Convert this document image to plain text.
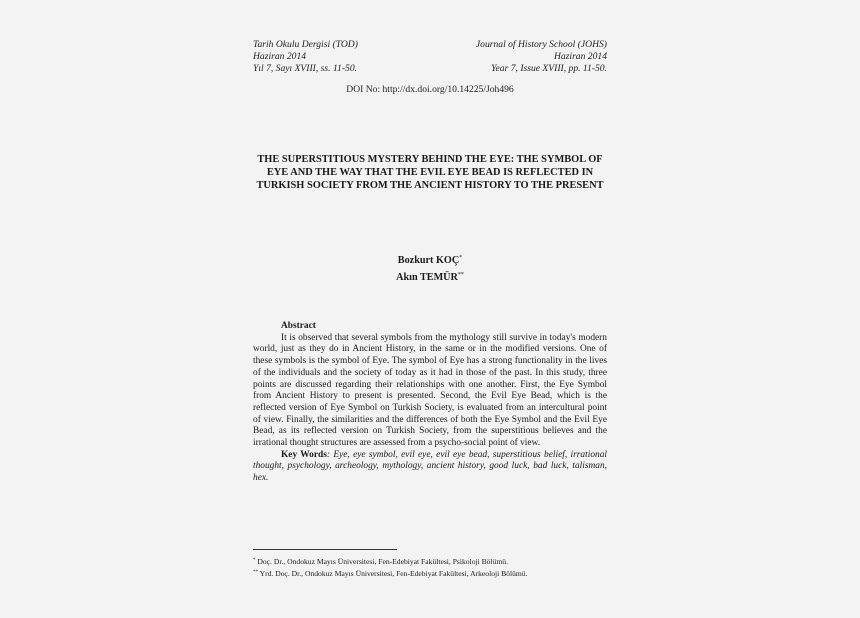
Tarih Okulu Dergisi (TOD)
Haziran 2014
Yıl 7, Sayı XVIII, ss. 11-50.
Journal of History School (JOHS)
Haziran 2014
Year 7, Issue XVIII, pp. 11-50.
DOI No: http://dx.doi.org/10.14225/Joh496
THE SUPERSTITIOUS MYSTERY BEHIND THE EYE: THE SYMBOL OF EYE AND THE WAY THAT THE EVIL EYE BEAD IS REFLECTED IN TURKISH SOCIETY FROM THE ANCIENT HISTORY TO THE PRESENT
Bozkurt KOÇ*
Akın TEMÜR**

Abstract

It is observed that several symbols from the mythology still survive in today's modern world, just as they do in Ancient History, in the same or in the modified versions. One of these symbols is the symbol of Eye. The symbol of Eye has a strong functionality in the lives of the individuals and the society of today as it had in those of the past. In this study, three points are discussed regarding their relationships with one another. First, the Eye Symbol from Ancient History to present is presented. Second, the Evil Eye Bead, which is the reflected version of Eye Symbol on Turkish Society, is evaluated from an intercultural point of view. Finally, the similarities and the differences of both the Eye Symbol and the Evil Eye Bead, as its reflected version on Turkish Society, from the superstitious believes and the irrational thought structures are assessed from a psycho-social point of view.

Key Words: Eye, eye symbol, evil eye, evil eye bead, superstitious belief, irrational thought, psychology, archeology, mythology, ancient history, good luck, bad luck, talisman, hex.

* Doç. Dr., Ondokuz Mayıs Üniversitesi, Fen-Edebiyat Fakültesi, Psikoloji Bölümü.
** Yrd. Doç. Dr., Ondokuz Mayıs Üniversitesi, Fen-Edebiyat Fakültesi, Arkeoloji Bölümü.
